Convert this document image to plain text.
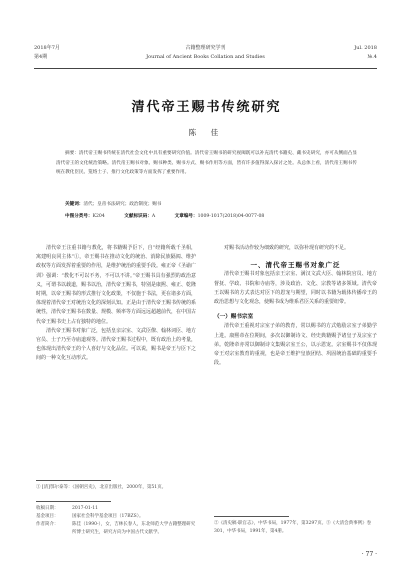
2018年7月
第4期
古籍整理研究学刊
Journal of Ancient Books Collation and Studies
Jul. 2018
№.4
清代帝王赐书传统研究
陈 佳
摘要：清代帝王赐书传统在清代社会文化中具有重要研究价值。清代帝王赐书的研究视阈既可以补充清代书籍史、藏书史研究，亦可从侧面凸显清代帝王的文化统治策略。清代帝王赐书对象、赐书种类、赐书方式、赐书作用等方面，皆有许多值得深入探讨之处。从总体上看，清代帝王赐书传统在教化臣民、笼络士子、推行文化政策等方面发挥了重要作用。
关键词：清代；皇帝书法研究；政治制度；赐书
中图分类号：K204	文献标识码：A	文章编号：1009-1017(2018)04-0077-08

清代帝王注重书籍与教化，将书籍赐予臣下，自“经籍所载千圣相，寓建明良同主体”①，帝王赐书在推动文化的统治、消除民族隔阂、维护政权等方面发挥着重要的作用，是维护统治的重要手段。雍正帝《圣谕广训》强调：“教化不可以不务，不可以不讲。”帝王赐书具有强烈的政治意义，可谓书以载道，赐书以治，清代帝王赐书，特别是康熙、雍正、乾隆时期，以帝王赐书的形式推行文化政策，不仅施于书法，更在诸多方面，体现着清代帝王对统治文化的深刻认知。正是由于清代帝王赐书传统的系统性，清代帝王赐书在数量、规模、频率等方面远远超越前代，在中国古代帝王赐书史上占有独特的地位。

清代帝王赐书对象广泛，包括皇亲宗室、文武臣僚、翰林词臣、地方官员、士子乃至寺庙道观等。清代帝王赐书过程中，既有政治上的考量，也体现出清代帝王的个人喜好与文化品位。可以说，赐书是帝王与臣下之间的一种文化互动形式。

① [清]鄂尔泰等：《国朝宫史》，北京出版社，2000年，第51页。
收稿日期：	2017-01-11
基金项目：	国家社会科学基金项目（17BZS）。
作者简介：	陈佳（1990-），女，吉林长春人，东北师范大学古籍整理研究所博士研究生，研究方向为中国古代文献学。

对赐书活动作较为细致的研究，以弥补现有研究的不足。

一、清代帝王赐书对象广泛

清代帝王赐书对象包括亲王宗室、满汉文武大臣、翰林院官员、地方督抚、学政、书院和寺庙等，涉及政治、文化、宗教等诸多领域。清代帝王以赐书的方式表达对臣下的恩宠与期望，同时以书籍为载体传播帝王的政治思想与文化观念，使赐书成为维系君臣关系的重要纽带。

（一）赐书宗室

清代帝王重视对宗室子弟的教育，常以赐书的方式勉励宗室子弟勤学上进。康熙帝在位期间，多次以御制诗文、经史典籍赐予诸皇子及宗室子弟。乾隆帝亦常以御制诗文集赐宗室王公，以示恩宠。宗室赐书不仅体现帝王对宗室教育的重视，也是帝王维护皇族团结、巩固统治基础的重要手段。

②《清史稿·职官志》，中华书局，1977年，第3297页。③《大清会典事例》卷301，中华书局，1991年，第4册。
· 77 ·
